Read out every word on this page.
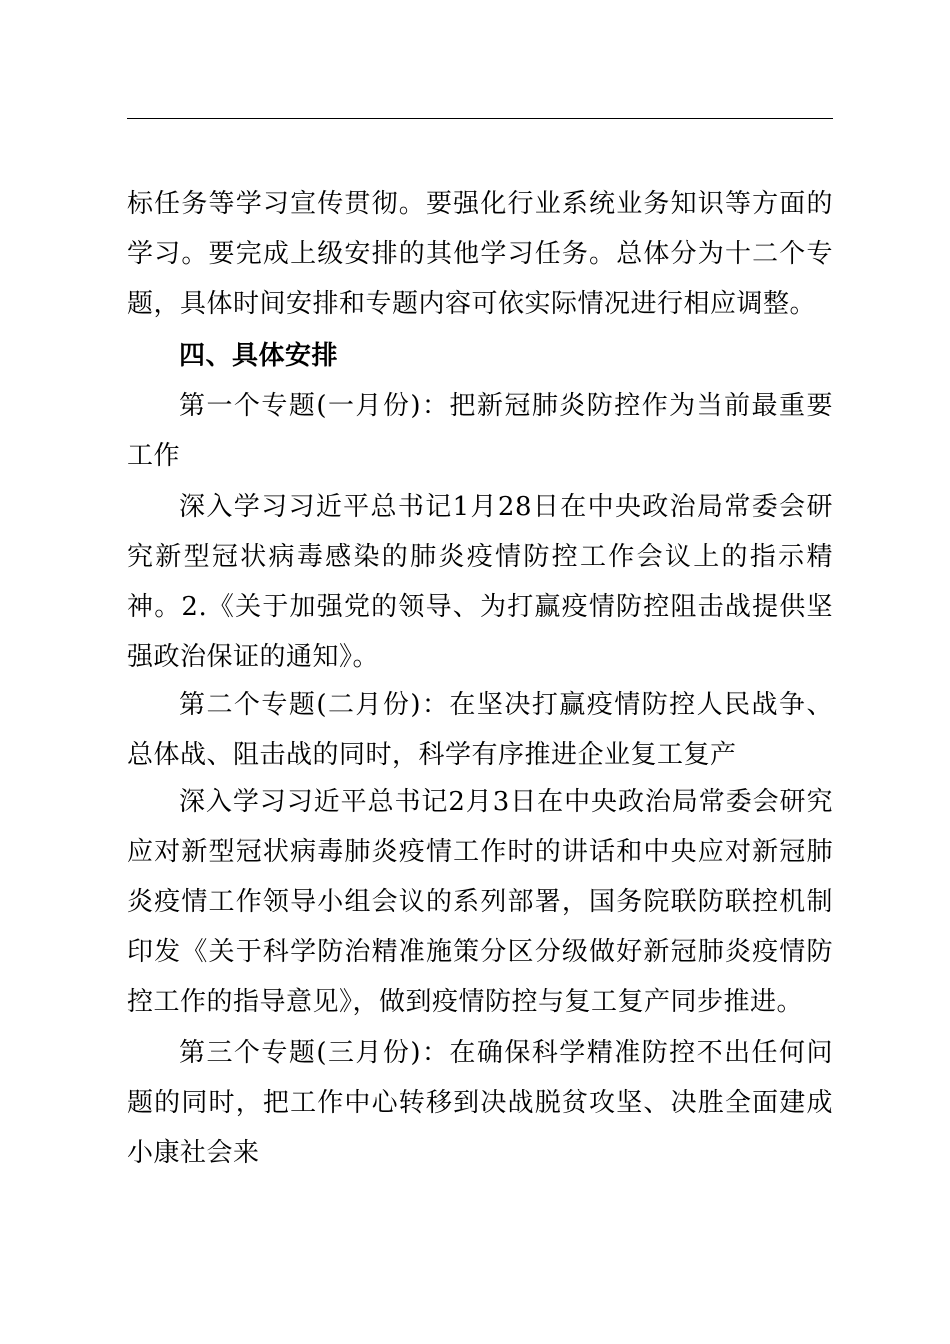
标任务等学习宣传贯彻。要强化行业系统业务知识等方面的学习。要完成上级安排的其他学习任务。总体分为十二个专题，具体时间安排和专题内容可依实际情况进行相应调整。

四、具体安排

第一个专题(一月份)：把新冠肺炎防控作为当前最重要工作

深入学习习近平总书记1月28日在中央政治局常委会研究新型冠状病毒感染的肺炎疫情防控工作会议上的指示精神。2.《关于加强党的领导、为打赢疫情防控阻击战提供坚强政治保证的通知》。

第二个专题(二月份)：在坚决打赢疫情防控人民战争、总体战、阻击战的同时，科学有序推进企业复工复产

深入学习习近平总书记2月3日在中央政治局常委会研究应对新型冠状病毒肺炎疫情工作时的讲话和中央应对新冠肺炎疫情工作领导小组会议的系列部署，国务院联防联控机制印发《关于科学防治精准施策分区分级做好新冠肺炎疫情防控工作的指导意见》，做到疫情防控与复工复产同步推进。

第三个专题(三月份)：在确保科学精准防控不出任何问题的同时，把工作中心转移到决战脱贫攻坚、决胜全面建成小康社会来
